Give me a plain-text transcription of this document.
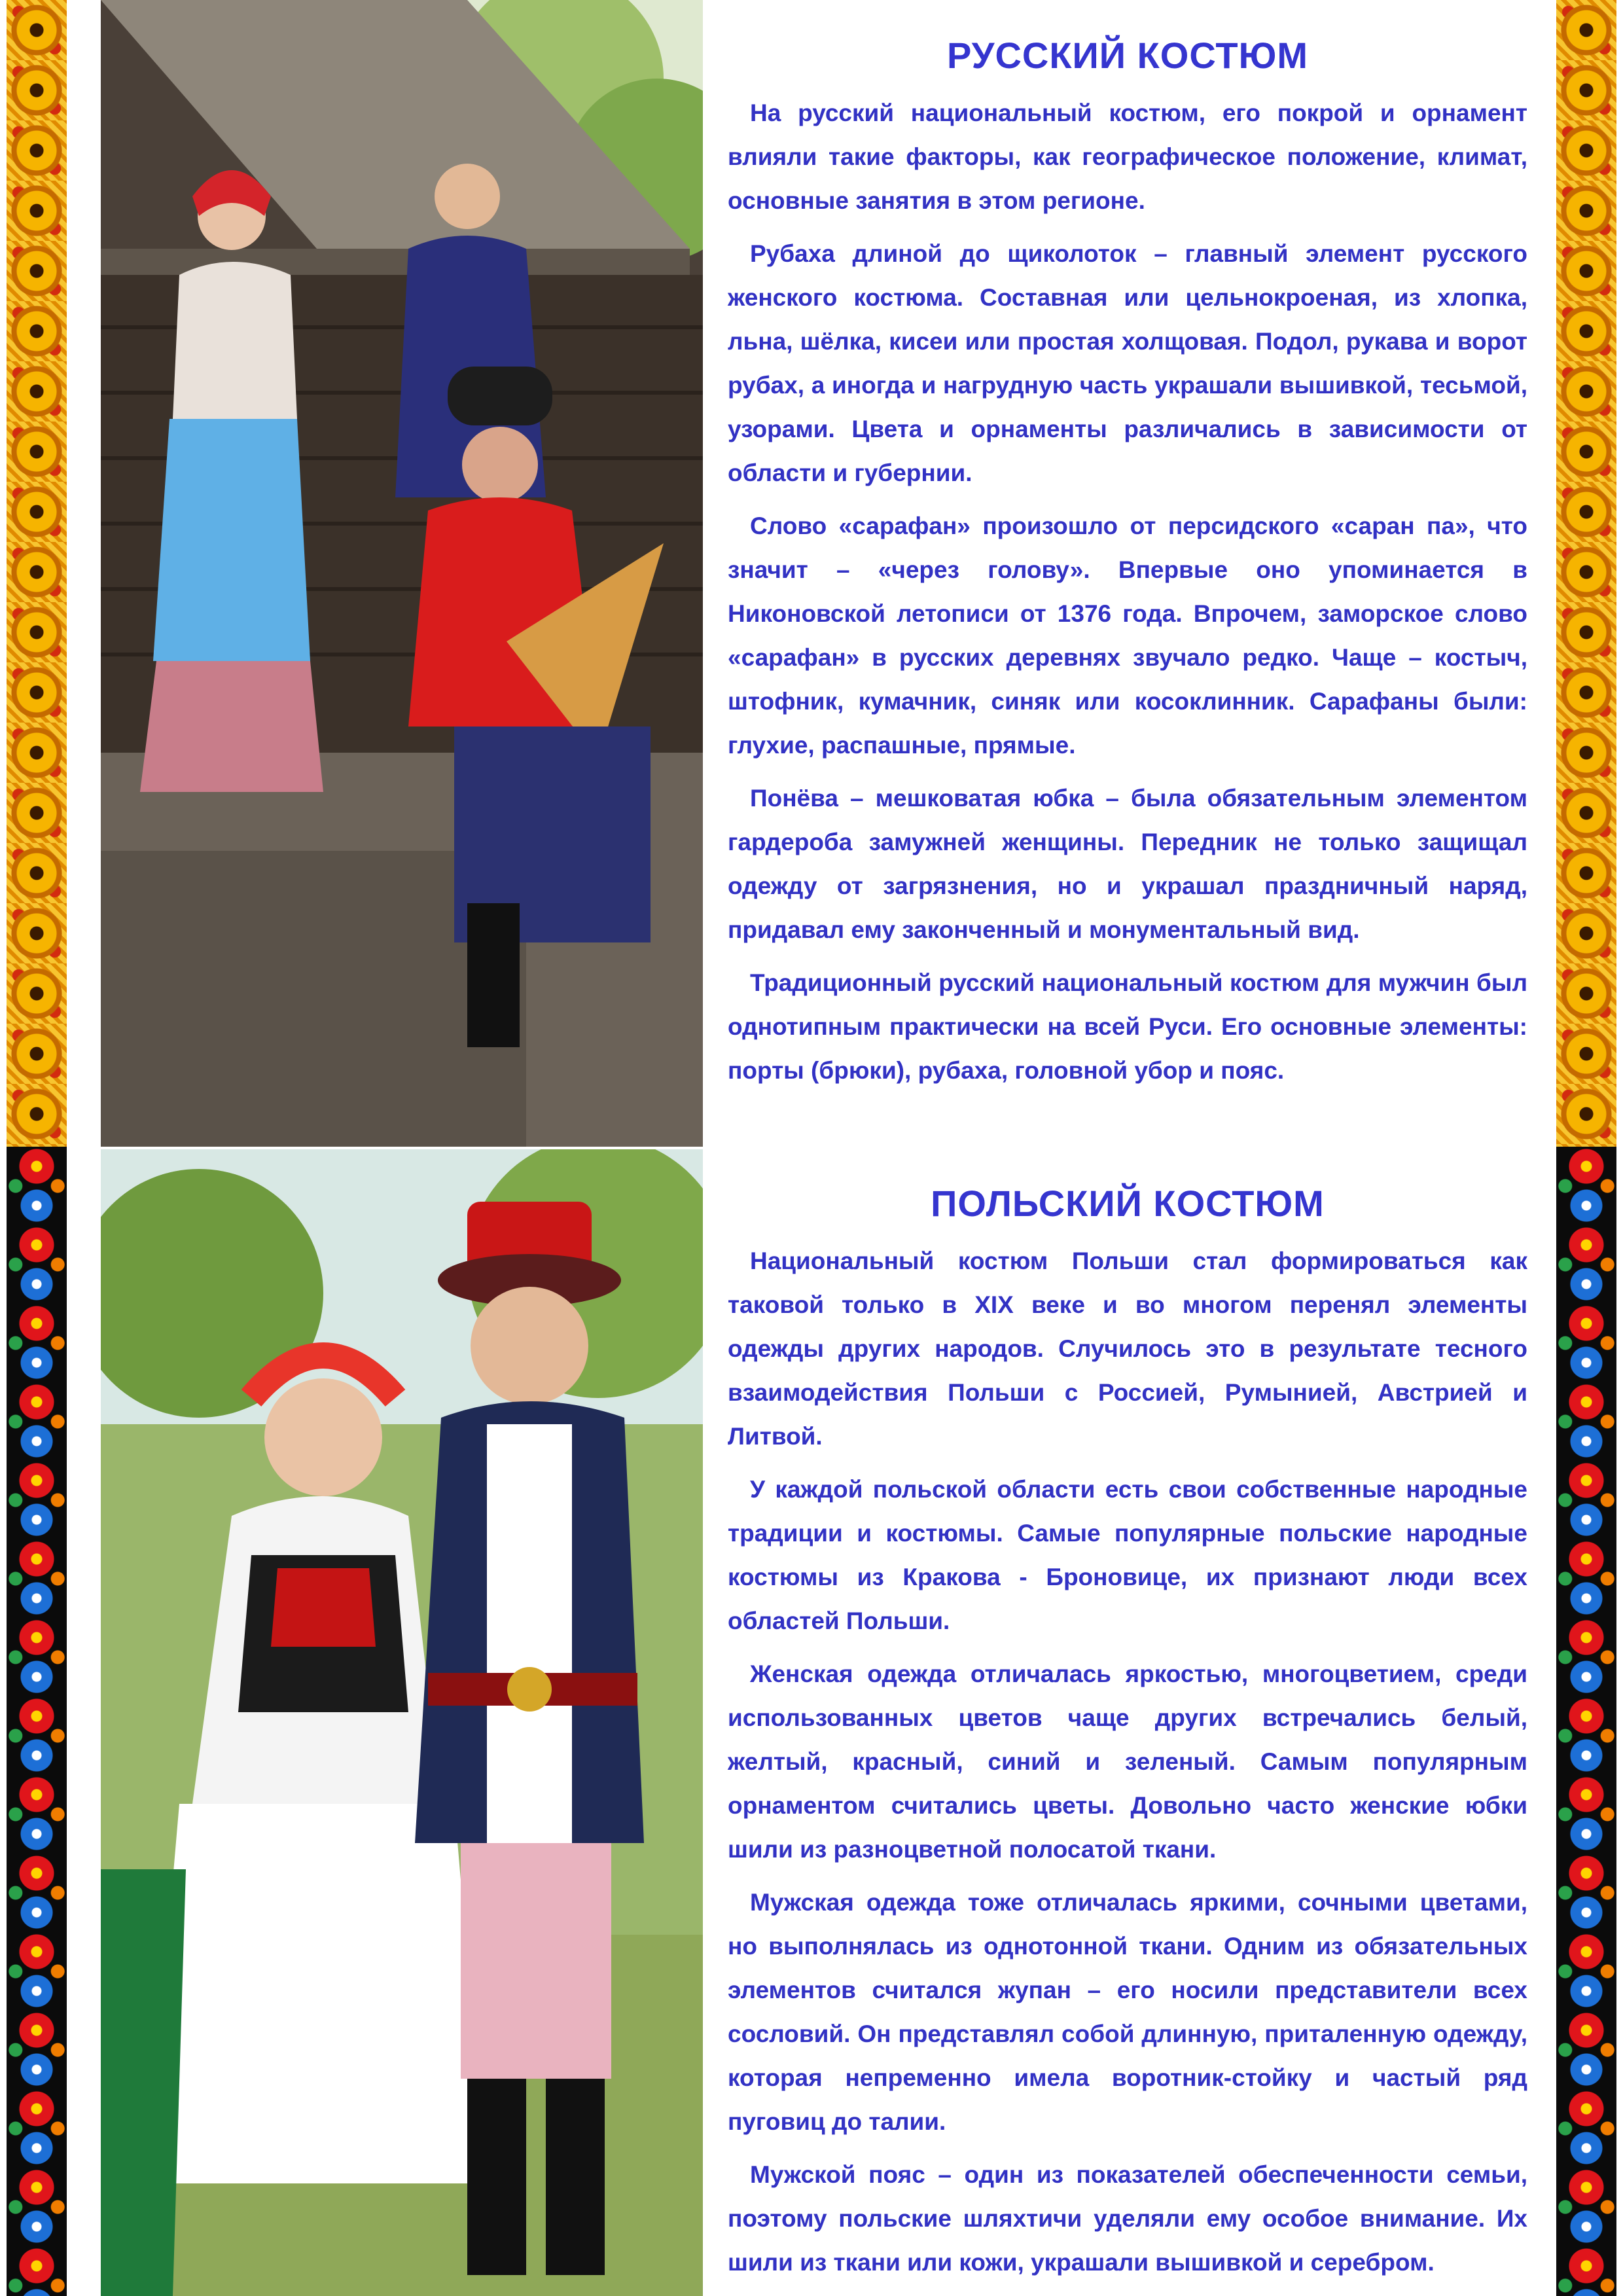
РУССКИЙ КОСТЮМ

На русский национальный костюм, его покрой и орнамент влияли такие факторы, как географическое положение, климат, основные занятия в этом регионе.

Рубаха длиной до щиколоток – главный элемент русского женского костюма. Составная или цельнокроеная, из хлопка, льна, шёлка, кисеи или простая холщовая. Подол, рукава и ворот рубах, а иногда и нагрудную часть украшали вышивкой, тесьмой, узорами. Цвета и орнаменты различались в зависимости от области и губернии.

Слово «сарафан» произошло от персидского «саран па», что значит – «через голову». Впервые оно упоминается в Никоновской летописи от 1376 года. Впрочем, заморское слово «сарафан» в русских деревнях звучало редко. Чаще – костыч, штофник, кумачник, синяк или косоклинник. Сарафаны были: глухие, распашные, прямые.

Понёва – мешковатая юбка – была обязательным элементом гардероба замужней женщины. Передник не только защищал одежду от загрязнения, но и украшал праздничный наряд, придавал ему законченный и монументальный вид.

Традиционный русский национальный костюм для мужчин был однотипным практически на всей Руси. Его основные элементы: порты (брюки), рубаха, головной убор и пояс.

ПОЛЬСКИЙ КОСТЮМ

Национальный костюм Польши стал формироваться как таковой только в XIX веке и во многом перенял элементы одежды других народов. Случилось это в результате тесного взаимодействия Польши с Россией, Румынией, Австрией и Литвой.

У каждой польской области есть свои собственные народные традиции и костюмы. Самые популярные польские народные костюмы из Кракова - Броновице, их признают люди всех областей Польши.

Женская одежда отличалась яркостью, многоцветием, среди использованных цветов чаще других встречались белый, желтый, красный, синий и зеленый. Самым популярным орнаментом считались цветы. Довольно часто женские юбки шили из разноцветной полосатой ткани.

Мужская одежда тоже отличалась яркими, сочными цветами, но выполнялась из однотонной ткани. Одним из обязательных элементов считался жупан – его носили представители всех сословий. Он представлял собой длинную, приталенную одежду, которая непременно имела воротник-стойку и частый ряд пуговиц до талии.

Мужской пояс – один из показателей обеспеченности семьи, поэтому польские шляхтичи уделяли ему особое внимание. Их шили из ткани или кожи, украшали вышивкой и серебром.
